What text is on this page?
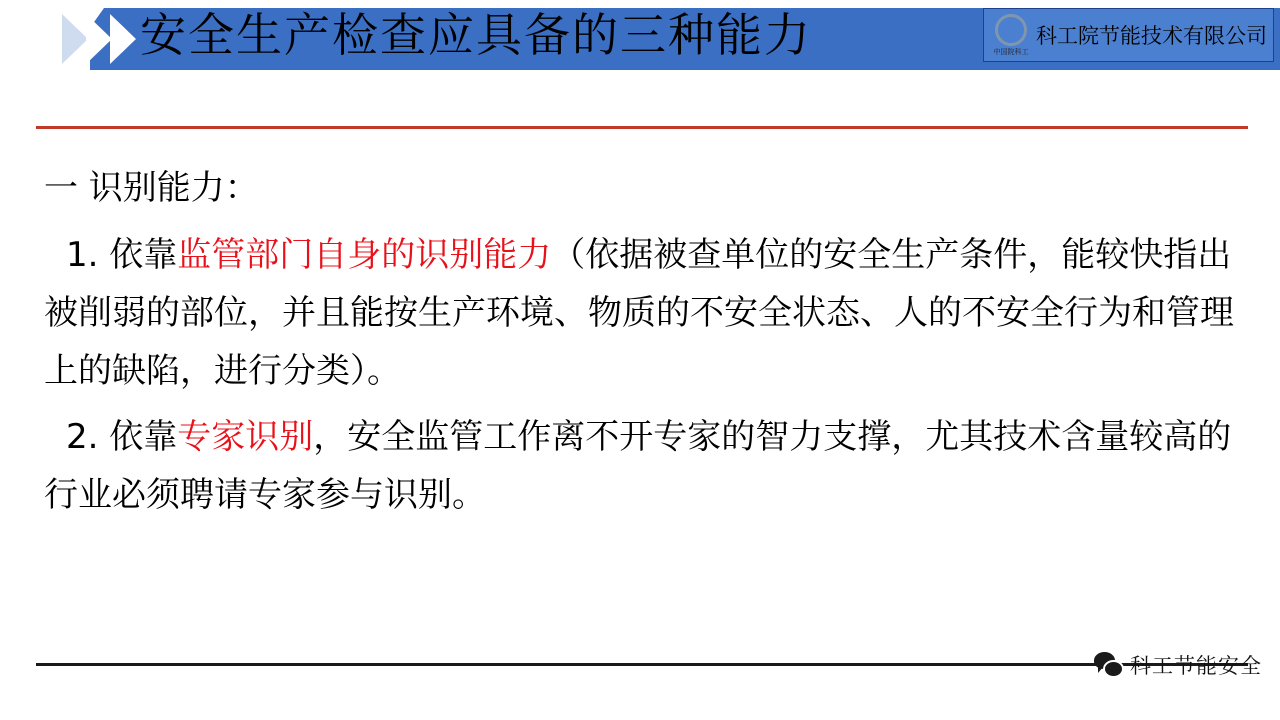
安全生产检查应具备的三种能力	中国院科工
科工院节能技术有限公司
一 识别能力：
1. 依靠监管部门自身的识别能力（依据被查单位的安全生产条件，能较快指出被削弱的部位，并且能按生产环境、物质的不安全状态、人的不安全行为和管理上的缺陷，进行分类）。
2. 依靠专家识别，安全监管工作离不开专家的智力支撑，尤其技术含量较高的行业必须聘请专家参与识别。
科工节能安全
